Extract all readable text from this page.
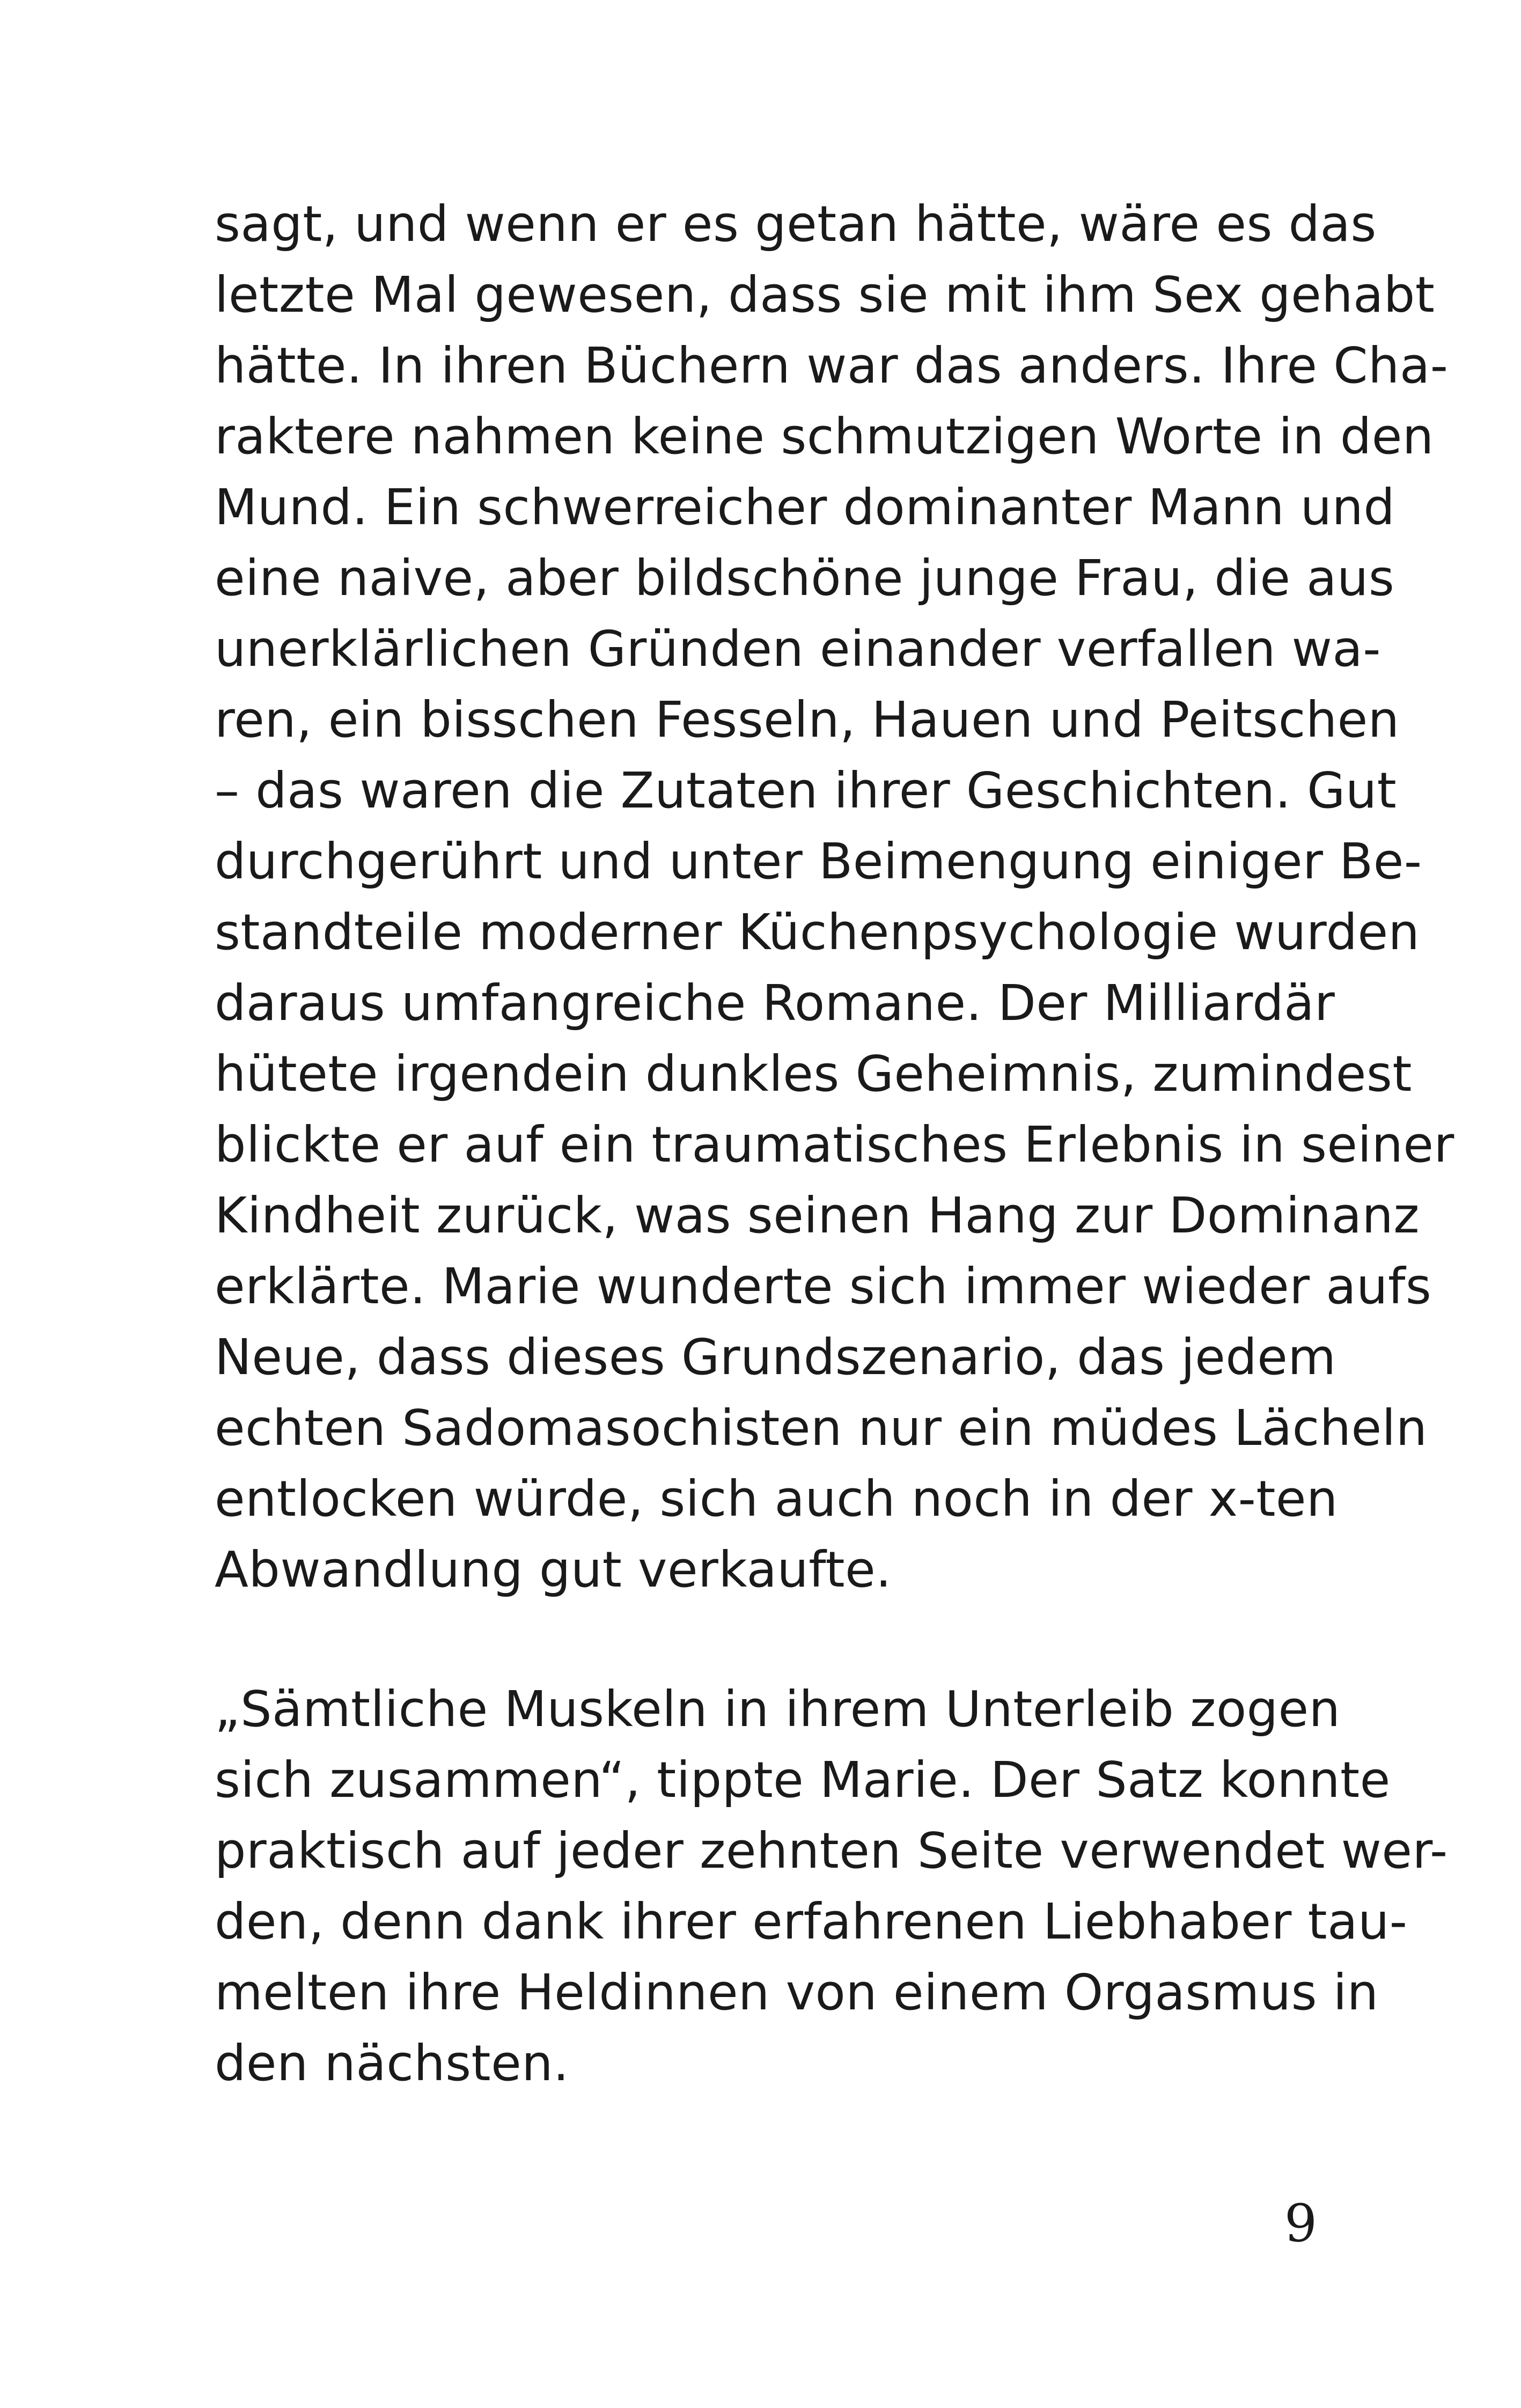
sagt, und wenn er es getan hätte, wäre es das
letzte Mal gewesen, dass sie mit ihm Sex gehabt
hätte. In ihren Büchern war das anders. Ihre Cha-
raktere nahmen keine schmutzigen Worte in den
Mund. Ein schwerreicher dominanter Mann und
eine naive, aber bildschöne junge Frau, die aus
unerklärlichen Gründen einander verfallen wa-
ren, ein bisschen Fesseln, Hauen und Peitschen
– das waren die Zutaten ihrer Geschichten. Gut
durchgerührt und unter Beimengung einiger Be-
standteile moderner Küchenpsychologie wurden
daraus umfangreiche Romane. Der Milliardär
hütete irgendein dunkles Geheimnis, zumindest
blickte er auf ein traumatisches Erlebnis in seiner
Kindheit zurück, was seinen Hang zur Dominanz
erklärte. Marie wunderte sich immer wieder aufs
Neue, dass dieses Grundszenario, das jedem
echten Sadomasochisten nur ein müdes Lächeln
entlocken würde, sich auch noch in der x-ten
Abwandlung gut verkaufte.
„Sämtliche Muskeln in ihrem Unterleib zogen
sich zusammen“, tippte Marie. Der Satz konnte
praktisch auf jeder zehnten Seite verwendet wer-
den, denn dank ihrer erfahrenen Liebhaber tau-
melten ihre Heldinnen von einem Orgasmus in
den nächsten.
9
